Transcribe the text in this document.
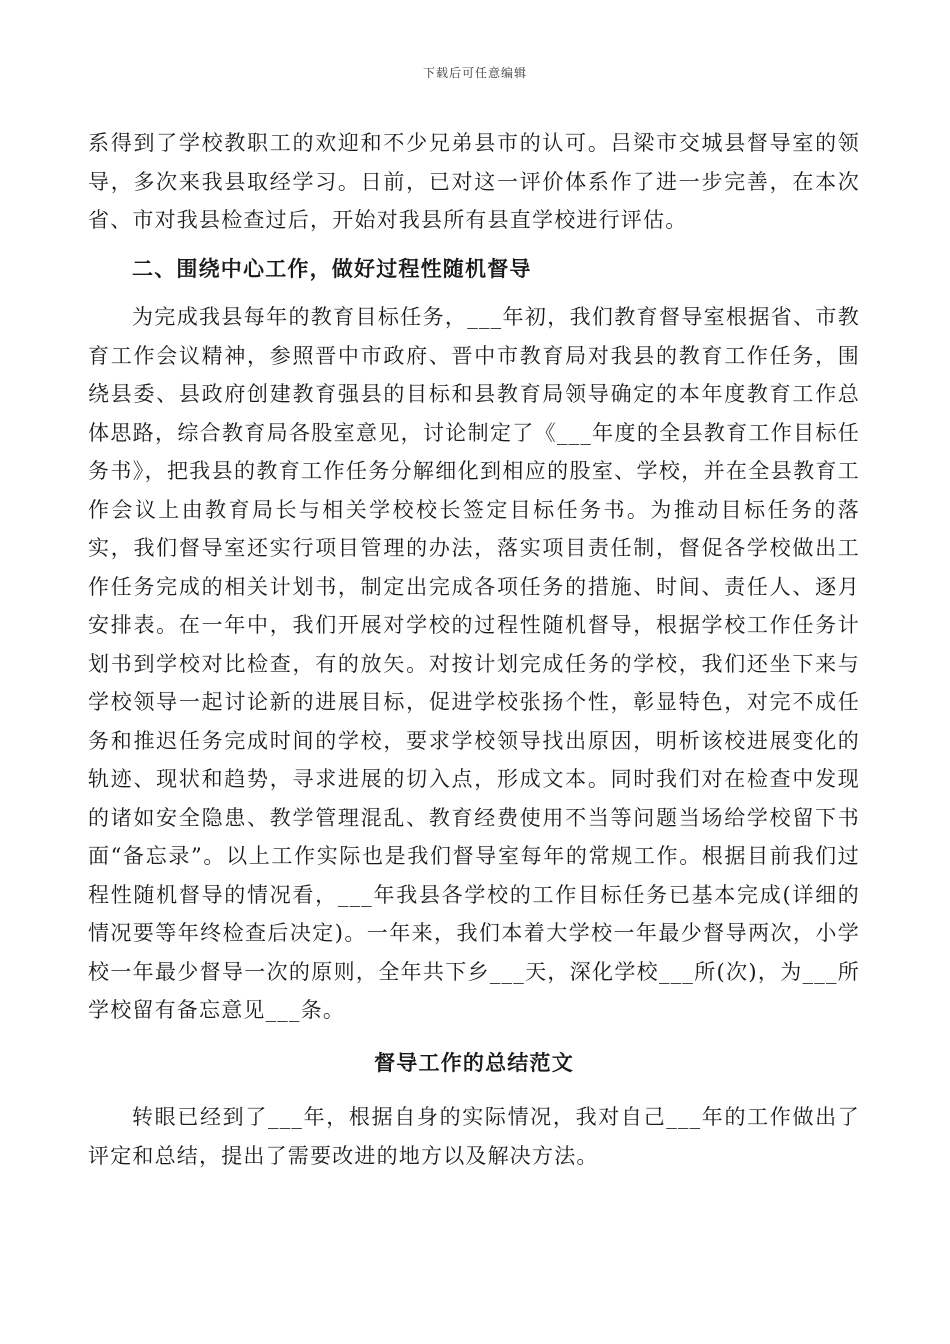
下载后可任意编辑

系得到了学校教职工的欢迎和不少兄弟县市的认可。吕梁市交城县督导室的领导，多次来我县取经学习。日前，已对这一评价体系作了进一步完善，在本次省、市对我县检查过后，开始对我县所有县直学校进行评估。

二、围绕中心工作，做好过程性随机督导

为完成我县每年的教育目标任务，___年初，我们教育督导室根据省、市教育工作会议精神，参照晋中市政府、晋中市教育局对我县的教育工作任务，围绕县委、县政府创建教育强县的目标和县教育局领导确定的本年度教育工作总体思路，综合教育局各股室意见，讨论制定了《___年度的全县教育工作目标任务书》，把我县的教育工作任务分解细化到相应的股室、学校，并在全县教育工作会议上由教育局长与相关学校校长签定目标任务书。为推动目标任务的落实，我们督导室还实行项目管理的办法，落实项目责任制，督促各学校做出工作任务完成的相关计划书，制定出完成各项任务的措施、时间、责任人、逐月安排表。在一年中，我们开展对学校的过程性随机督导，根据学校工作任务计划书到学校对比检查，有的放矢。对按计划完成任务的学校，我们还坐下来与学校领导一起讨论新的进展目标，促进学校张扬个性，彰显特色，对完不成任务和推迟任务完成时间的学校，要求学校领导找出原因，明析该校进展变化的轨迹、现状和趋势，寻求进展的切入点，形成文本。同时我们对在检查中发现的诸如安全隐患、教学管理混乱、教育经费使用不当等问题当场给学校留下书面“备忘录”。以上工作实际也是我们督导室每年的常规工作。根据目前我们过程性随机督导的情况看，___年我县各学校的工作目标任务已基本完成(详细的情况要等年终检查后决定)。一年来，我们本着大学校一年最少督导两次，小学校一年最少督导一次的原则，全年共下乡___天，深化学校___所(次)，为___所学校留有备忘意见___条。

督导工作的总结范文

转眼已经到了___年，根据自身的实际情况，我对自己___年的工作做出了评定和总结，提出了需要改进的地方以及解决方法。
